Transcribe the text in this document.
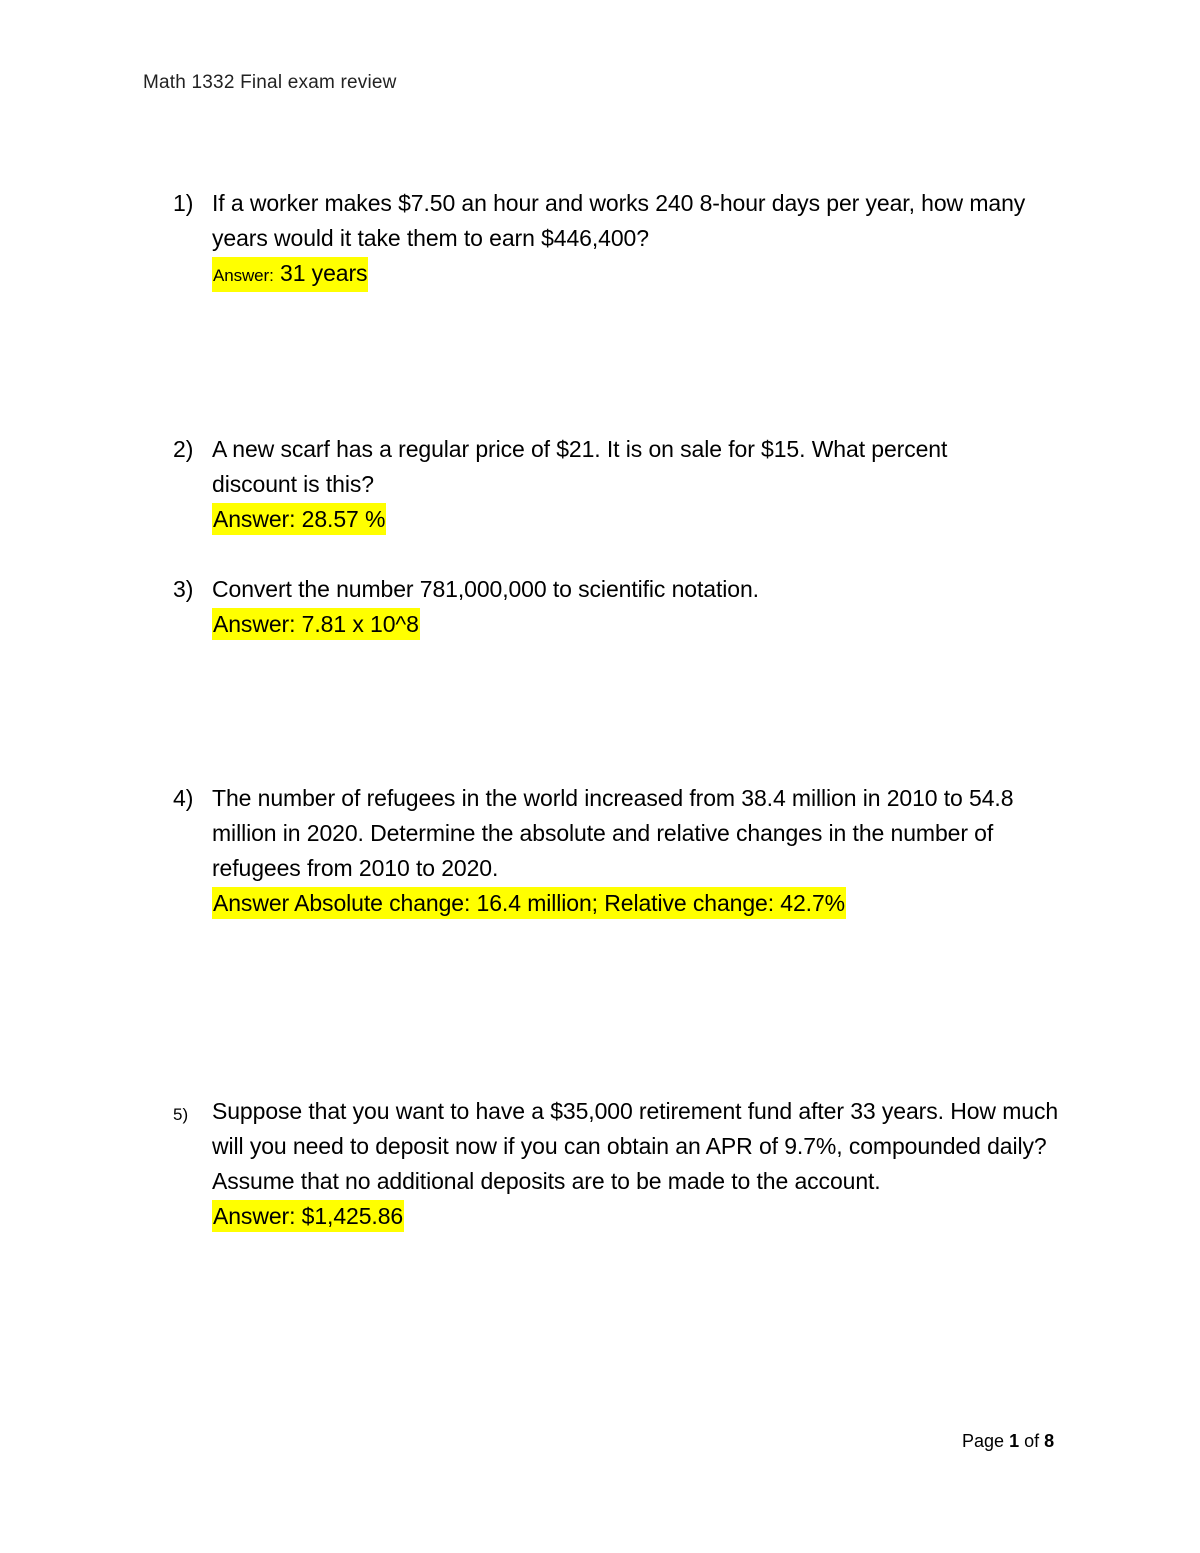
Math 1332 Final exam review
1) If a worker makes $7.50 an hour and works 240 8-hour days per year, how many years would it take them to earn $446,400?
Answer: 31 years
2) A new scarf has a regular price of $21. It is on sale for $15. What percent discount is this?
Answer: 28.57 %
3) Convert the number 781,000,000 to scientific notation.
Answer: 7.81 x 10^8
4) The number of refugees in the world increased from 38.4 million in 2010 to 54.8 million in 2020. Determine the absolute and relative changes in the number of refugees from 2010 to 2020.
Answer Absolute change: 16.4 million; Relative change: 42.7%
5) Suppose that you want to have a $35,000 retirement fund after 33 years. How much will you need to deposit now if you can obtain an APR of 9.7%, compounded daily? Assume that no additional deposits are to be made to the account.
Answer: $1,425.86
Page 1 of 8
